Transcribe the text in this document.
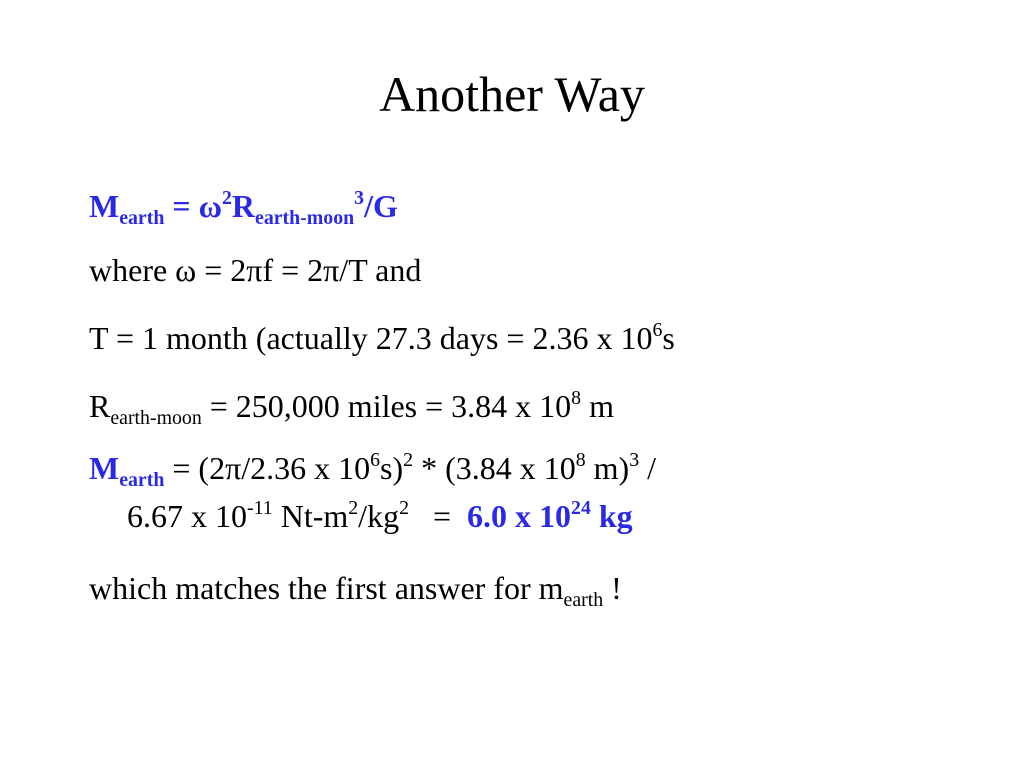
Another Way
$M_{earth} = \omega^2R_{earth-moon}^3/G$
where ω = 2πf = 2π/T and
T = 1 month (actually 27.3 days = 2.36 x $10^6s$
$R_{earth-moon} = 250,000$ miles = 3.84 x $10^8$ m
$M_{earth} = (2\pi/2.36$ x $10^6s)^2 * (3.84$ x $10^8$ m)$^3$ /
6.67 x $10^{-11}$ $Nt-m^2/kg^2 = 6.0$ x $10^{24}$ kg
which matches the first answer for $m_{earth}$ !
